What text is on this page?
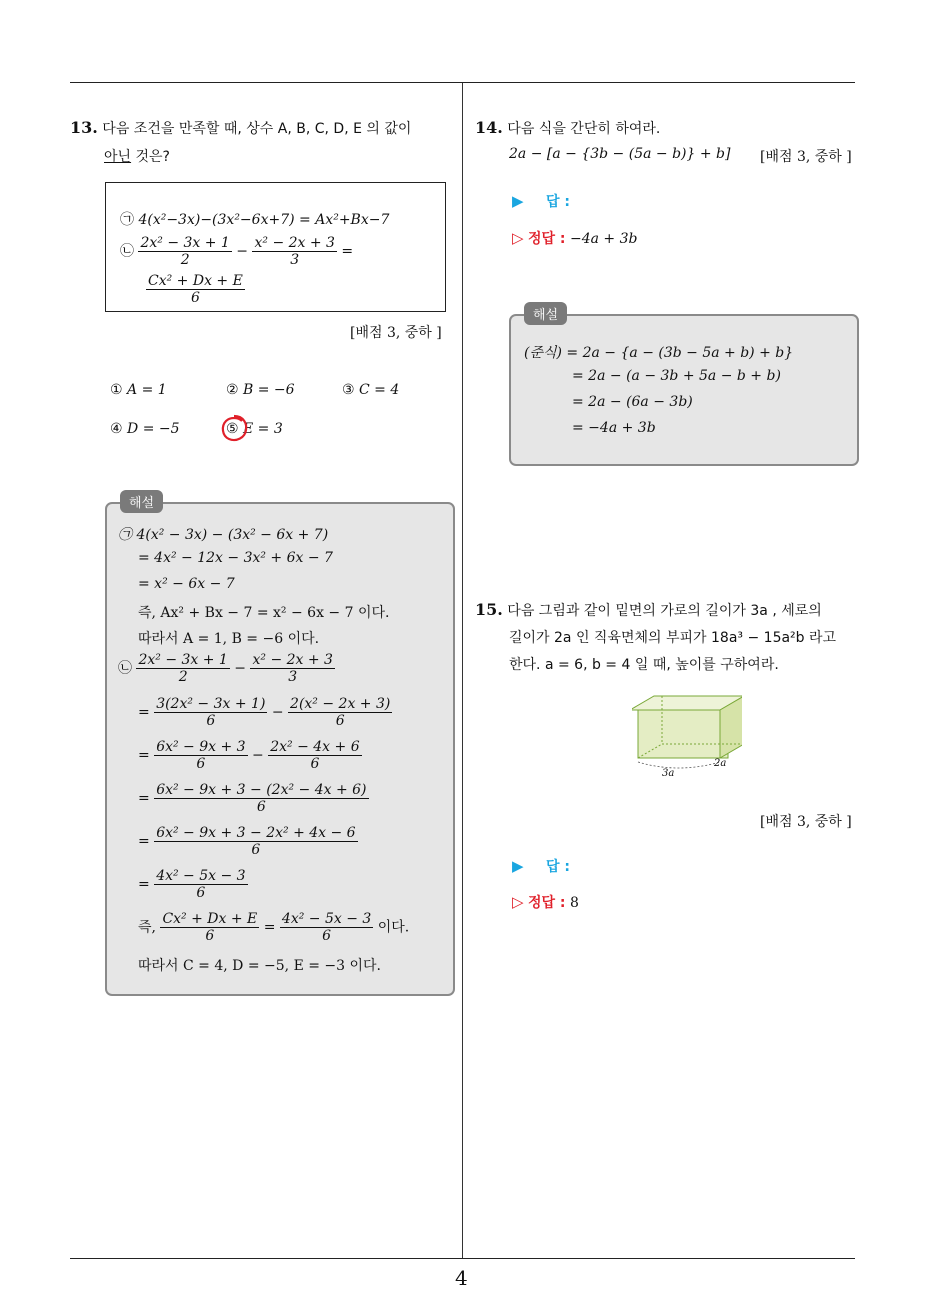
13. 다음 조건을 만족할 때, 상수 A, B, C, D, E 의 값이
아닌 것은?
㉠ 4(x²−3x)−(3x²−6x+7) = Ax²+Bx−7
㉡ $\frac{\text{2x² − 3x + 1}}{2} - \frac{\text{x² − 2x + 3}}{3}$ =
$\frac{\text{Cx² + Dx + E}}{6}$
[배점 3, 중하 ]
① A = 1	② B = −6	③ C = 4
④ D = −5	⑤ E = 3
해설
㉠ 4(x² − 3x) − (3x² − 6x + 7)
= 4x² − 12x − 3x² + 6x − 7
= x² − 6x − 7
즉, Ax² + Bx − 7 = x² − 6x − 7 이다.
따라서 A = 1, B = −6 이다.
㉡ $\frac{\text{2x² − 3x + 1}}{2} - \frac{\text{x² − 2x + 3}}{3}$
= $\frac{\text{3(2x² − 3x + 1)}}{6} - \frac{\text{2(x² − 2x + 3)}}{6}$
= $\frac{\text{6x² − 9x + 3}}{6} - \frac{\text{2x² − 4x + 6}}{6}$
= $\frac{\text{6x² − 9x + 3 − (2x² − 4x + 6)}}{6}$
= $\frac{\text{6x² − 9x + 3 − 2x² + 4x − 6}}{6}$
= $\frac{\text{4x² − 5x − 3}}{6}$
즉, $\frac{\text{Cx² + Dx + E}}{6} = \frac{\text{4x² − 5x − 3}}{6}$ 이다.
따라서 C = 4, D = −5, E = −3 이다.
14. 다음 식을 간단히 하여라.
2a − [a − {3b − (5a − b)} + b] [배점 3, 중하 ]
▶ 답 :
▷ 정답 : −4a + 3b
해설
(준식) = 2a − {a − (3b − 5a + b) + b}
= 2a − (a − 3b + 5a − b + b)
= 2a − (6a − 3b)
= −4a + 3b
15. 다음 그림과 같이 밑면의 가로의 길이가 3a , 세로의
길이가 2a 인 직육면체의 부피가 18a³ − 15a²b 라고
한다. a = 6, b = 4 일 때, 높이를 구하여라.
3a
2a
[배점 3, 중하 ]
▶ 답 :
▷ 정답 : 8
4
